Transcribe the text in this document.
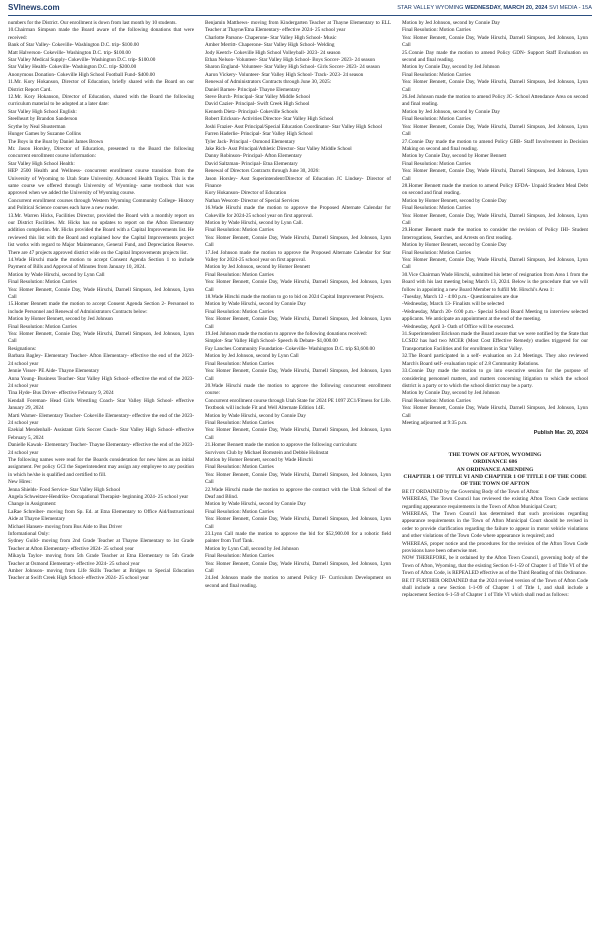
SVInews.com	STAR VALLEY WYOMING WEDNESDAY, MARCH 20, 2024 SVI MEDIA - 15A

numbers for the District. Our enrollment is down from last month by 10 students.

10.Chairman Simpson made the Board aware of the following donations that were received:

Bank of Star Valley- Cokeville- Washington D.C. trip- $100.00

Matt Halverson- Cokeville- Washington D.C. trip- $100.00

Star Valley Medical Supply- Cokeville- Washington D.C. trip- $100.00

Star Valley Health- Cokeville- Washington D.C. trip- $200.00

Anonymous Donation- Cokeville High School Football Fund- $400.00

11.Mr. Kory Hokanson, Director of Education, briefly shared with the Board on our District Report Card.

12.Mr. Kory Hokanson, Director of Education, shared with the Board the following curriculum material to be adopted at a later date:

Star Valley High School English:

Steelheart by Brandon Sanderson

Scythe by Neal Shusterman

Hunger Games by Suzanne Collins

The Boys in the Boat by Daniel James Brown

Mr. Jason Horsley, Director of Education, presented to the Board the following concurrent enrollment course information:

Star Valley High School Health:

HEP 2500 Health and Wellness- concurrent enrollment course transition from the University of Wyoming to Utah State University. Advanced Health Topics. This is the same course we offered through University of Wyoming- same textbook that was approved when we added the University of Wyoming course.

Concurrent enrollment courses through Western Wyoming Community College- History and Political Science courses each have a new reader.

13.Mr. Warren Hicks, Facilities Director, provided the Board with a monthly report on our District Facilities. Mr. Hicks has no updates to report on the Afton Elementary addition completion. Mr. Hicks provided the Board with a Capital Improvements list. He reviewed this list with the Board and explained how the Capital Improvements project list works with regard to Major Maintenance, General Fund, and Depreciation Reserve. There are 47 projects approved district wide on the Capital Improvements projects list.

14.Wade Hirschi made the motion to accept Consent Agenda Section 1 to include Payment of Bills and Approval of Minutes from January 10, 2024.

Motion by Wade Hirschi, second by Lynn Call

Final Resolution: Motion Carries

Yea: Homer Bennett, Connie Day, Wade Hirschi, Darnell Simpson, Jed Johnson, Lynn Call

15.Homer Bennett made the motion to accept Consent Agenda Section 2- Personnel to include Personnel and Renewal of Administrators Contracts below:

Motion by Homer Bennett, second by Jed Johnson

Final Resolution: Motion Carries

Yea: Homer Bennett, Connie Day, Wade Hirschi, Darnell Simpson, Jed Johnson, Lynn Call

Resignations:

Barbara Bagley- Elementary Teacher- Afton Elementary- effective the end of the 2023- 24 school year

Jennie Visser- PE Aide- Thayne Elementary

Anna Young- Business Teacher- Star Valley High School- effective the end of the 2023- 24 school year

Tina Hyde- Bus Driver- effective February 9, 2024

Kendall Foreman- Head Girls Wrestling Coach- Star Valley High School- effective January 29, 2024

Marti Warner- Elementary Teacher- Cokeville Elementary- effective the end of the 2023- 24 school year

Ezekial Mendenhall- Assistant Girls Soccer Coach- Star Valley High School- effective February 5, 2024

Danielle Kawak- Elementary Teacher- Thayne Elementary- effective the end of the 2023- 24 school year

The following names were read for the Boards consideration for new hires as an initial assignment. Per policy GCI the Superintendent may assign any employee to any position in which he/she is qualified and certified to fill.

New Hires:

Jenna Shields- Food Service- Star Valley High School

Angela Schweitzer-Hendriks- Occupational Therapist- beginning 2024- 25 school year

Change in Assignment:

LaRae Schreiber- moving from Sp. Ed. at Etna Elementary to Office Aid/Instructional Aide at Thayne Elementary

Michael Hansen- moving from Bus Aide to Bus Driver

Informational Only:

Sydney Guild- moving from 2nd Grade Teacher at Thayne Elementary to 1st Grade Teacher at Afton Elementary- effective 2024- 25 school year

Mikayla Taylor- moving from 5th Grade Teacher at Etna Elementary to 5th Grade Teacher at Osmond Elementary- effective 2024- 25 school year

Amber Johnson- moving from Life Skills Teacher at Bridges to Special Education Teacher at Swift Creek High School- effective 2024- 25 school year

Benjamin Matthews- moving from Kindergarten Teacher at Thayne Elementary to ELL Teacher at Thayne/Etna Elementary- effective 2024- 25 school year

Charlotte Parsons- Chaperone- Star Valley High School- Music

Amber Merritt- Chaperone- Star Valley High School- Welding

Jody Keetch- Cokeville High School Volleyball- 2023- 24 season

Ethan Nelson- Volunteer- Star Valley High School- Boys Soccer- 2023- 24 season

Sharon England- Volunteer- Star Valley High School- Girls Soccer- 2023- 24 season

Aaron Vickery- Volunteer- Star Valley High School- Track- 2023- 24 season

Renewal of Administrators Contracts through June 30, 2025:

Daniel Barnes- Principal- Thayne Elementary

Steve Burch- Principal- Star Valley Middle School

David Cazier- Principal- Swift Creek High School

Kenneth Dietz- Principal- Cokeville Schools

Robert Erickson- Activities Director- Star Valley High School

Joshi Frazier- Asst Principal/Special Education Coordinator- Star Valley High School

Farren Haderlie- Principal- Star Valley High School

Tyler Jack- Principal - Osmond Elementary

Jake Rich- Asst Principal/Athletic Director- Star Valley Middle School

Danny Robinson- Principal- Afton Elementary

David Saltzman- Principal- Etna Elementary

Renewal of Directors Contracts through June 30, 2026:

Jason Horsley- Asst Superintendent/Director of Education JC Lindsey- Director of Finance

Kory Hokanson- Director of Education

Nathan Wescott- Director of Special Services

16.Wade Hirschi made the motion to approve the Proposed Alternate Calendar for Cokeville for 2024-25 school year on first approval.

Motion by Wade Hirschi, second by Lynn Call.

Final Resolution: Motion Carries

Yea: Homer Bennett, Connie Day, Wade Hirschi, Darnell Simpson, Jed Johnson, Lynn Call

17.Jed Johnson made the motion to approve the Proposed Alternate Calendar for Star Valley for 2024-25 school year on first approval.

Motion by Jed Johnson, second by Homer Bennett

Final Resolution: Motion Carries

Yea: Homer Bennett, Connie Day, Wade Hirschi, Darnell Simpson, Jed Johnson, Lynn Call

18.Wade Hirschi made the motion to go to bid on 2024 Capital Improvement Projects.

Motion by Wade Hirschi, second by Connie Day

Final Resolution: Motion Carries

Yea: Homer Bennett, Connie Day, Wade Hirschi, Darnell Simpson, Jed Johnson, Lynn Call

19.Jed Johnson made the motion to approve the following donations received:

Simplot- Star Valley High School- Speech & Debate- $1,000.00

Fay Lanches Community Foundation- Cokeville- Washington D.C. trip $3,600.00

Motion by Jed Johnson, second by Lynn Call

Final Resolution: Motion Carries

Yea: Homer Bennett, Connie Day, Wade Hirschi, Darnell Simpson, Jed Johnson, Lynn Call

20.Wade Hirschi made the motion to approve the following concurrent enrollment course:

Concurrent enrollment course through Utah State for 2024 PE 1097 ZC1/Fitness for Life. Textbook will include Fit and Well Alternate Edition 14E.

Motion by Wade Hirschi, second by Connie Day

Final Resolution: Motion Carries

Yea: Homer Bennett, Connie Day, Wade Hirschi, Darnell Simpson, Jed Johnson, Lynn Call

21.Homer Bennett made the motion to approve the following curriculum:

Survivors Club by Michael Bornstein and Debbie Holinstat

Motion by Homer Bennett, second by Wade Hirschi

Final Resolution: Motion Carries

Yea: Homer Bennett, Connie Day, Wade Hirschi, Darnell Simpson, Jed Johnson, Lynn Call

22.Wade Hirschi made the motion to approve the contract with the Utah School of the Deaf and Blind.

Motion by Wade Hirschi, second by Connie Day

Final Resolution: Motion Carries

Yea: Homer Bennett, Connie Day, Wade Hirschi, Darnell Simpson, Jed Johnson, Lynn Call

23.Lynn Call made the motion to approve the bid for $52,900.00 for a robotic field painter from Turf Tank.

Motion by Lynn Call, second by Jed Johnson

Final Resolution: Motion Carries

Yea: Homer Bennett, Connie Day, Wade Hirschi, Darnell Simpson, Jed Johnson, Lynn Call

24.Jed Johnson made the motion to amend Policy IF- Curriculum Development on second and final reading.

Motion by Jed Johnson, second by Connie Day

Final Resolution: Motion Carries

Yea: Homer Bennett, Connie Day, Wade Hirschi, Darnell Simpson, Jed Johnson, Lynn Call

25.Connie Day made the motion to amend Policy GDN- Support Staff Evaluation on second and final reading.

Motion by Connie Day, second by Jed Johnson

Final Resolution: Motion Carries

Yea: Homer Bennett, Connie Day, Wade Hirschi, Darnell Simpson, Jed Johnson, Lynn Call

26.Jed Johnson made the motion to amend Policy JC- School Attendance Area on second and final reading.

Motion by Jed Johnson, second by Connie Day

Final Resolution: Motion Carries

Yea: Homer Bennett, Connie Day, Wade Hirschi, Darnell Simpson, Jed Johnson, Lynn Call

27.Connie Day made the motion to amend Policy GBB- Staff Involvement in Decision Making on second and final reading.

Motion by Connie Day, second by Homer Bennett

Final Resolution: Motion Carries

Yea: Homer Bennett, Connie Day, Wade Hirschi, Darnell Simpson, Jed Johnson, Lynn Call

28.Homer Bennett made the motion to amend Policy EFDA- Unpaid Student Meal Debt on second and final reading.

Motion by Homer Bennett, second by Connie Day

Final Resolution: Motion Carries

Yea: Homer Bennett, Connie Day, Wade Hirschi, Darnell Simpson, Jed Johnson, Lynn Call

29.Homer Bennett made the motion to consider the revision of Policy IHI- Student Interrogations, Searches, and Arrests on first reading.

Motion by Homer Bennett, second by Connie Day

Final Resolution: Motion Carries

Yea: Homer Bennett, Connie Day, Wade Hirschi, Darnell Simpson, Jed Johnson, Lynn Call

30.Vice Chairman Wade Hirschi, submitted his letter of resignation from Area 1 from the Board with his last meeting being March 13, 2024. Below is the procedure that we will follow in appointing a new Board Member to fulfill Mr. Hirschi's Area 1:

-Tuesday, March 12 - 4:00 p.m.- Questionnaires are due

-Wednesday, March 13- Finalists will be selected

-Wednesday, March 20- 6:00 p.m.- Special School Board Meeting to interview selected applicants. We anticipate an appointment at the end of the meeting.

-Wednesday, April 3- Oath of Office will be executed.

31.Superintendent Erickson made the Board aware that we were notified by the State that LCSD2 has had two MCER (Most Cost Effective Remedy) studies triggered for our Transportation Facilities and for enrollment in Star Valley.

32.The Board participated in a self- evaluation on 2.4 Meetings. They also reviewed March's Board self- evaluation topic of 2.8 Community Relations.

33.Connie Day made the motion to go into executive session for the purpose of considering personnel matters, and matters concerning litigation to which the school district is a party or to which the school district may be a party.

Motion by Connie Day, second by Jed Johnson

Final Resolution: Motion Carries

Yea: Homer Bennett, Connie Day, Wade Hirschi, Darnell Simpson, Jed Johnson, Lynn Call

Meeting adjourned at 9:35 p.m.

Publish Mar. 20, 2024

THE TOWN OF AFTON, WYOMING

ORDINANCE 686

AN ORDINANCE AMENDING

CHAPTER 1 OF TITLE VI AND CHAPTER 1 OF TITLE I OF THE CODE OF THE TOWN OF AFTON

BE IT ORDAINED by the Governing Body of the Town of Afton:

WHEREAS, The Town Council has reviewed the existing Afton Town Code sections regarding appearance requirements in the Town of Afton Municipal Court;

WHEREAS, The Town Council has determined that such provisions regarding appearance requirements in the Town of Afton Municipal Court should be revised in order to provide clarification regarding the failure to appear in motor vehicle violations and other violations of the Town Code where appearance is required; and

WHEREAS, proper notice and the procedures for the revision of the Afton Town Code provisions have been otherwise met.

NOW THEREFORE, be it ordained by the Afton Town Council, governing body of the Town of Afton, Wyoming, that the existing Section 6-1-59 of Chapter 1 of Title VI of the Town of Afton Code, is REPEALED effective as of the Third Reading of this Ordinance.

BE IT FURTHER ORDAINED that the 2024 revised version of the Town of Afton Code shall include a new Section 1-1-09 of Chapter 1 of Title 1, and shall include a replacement Section 6-1-59 of Chapter 1 of Title VI which shall read as follows:
